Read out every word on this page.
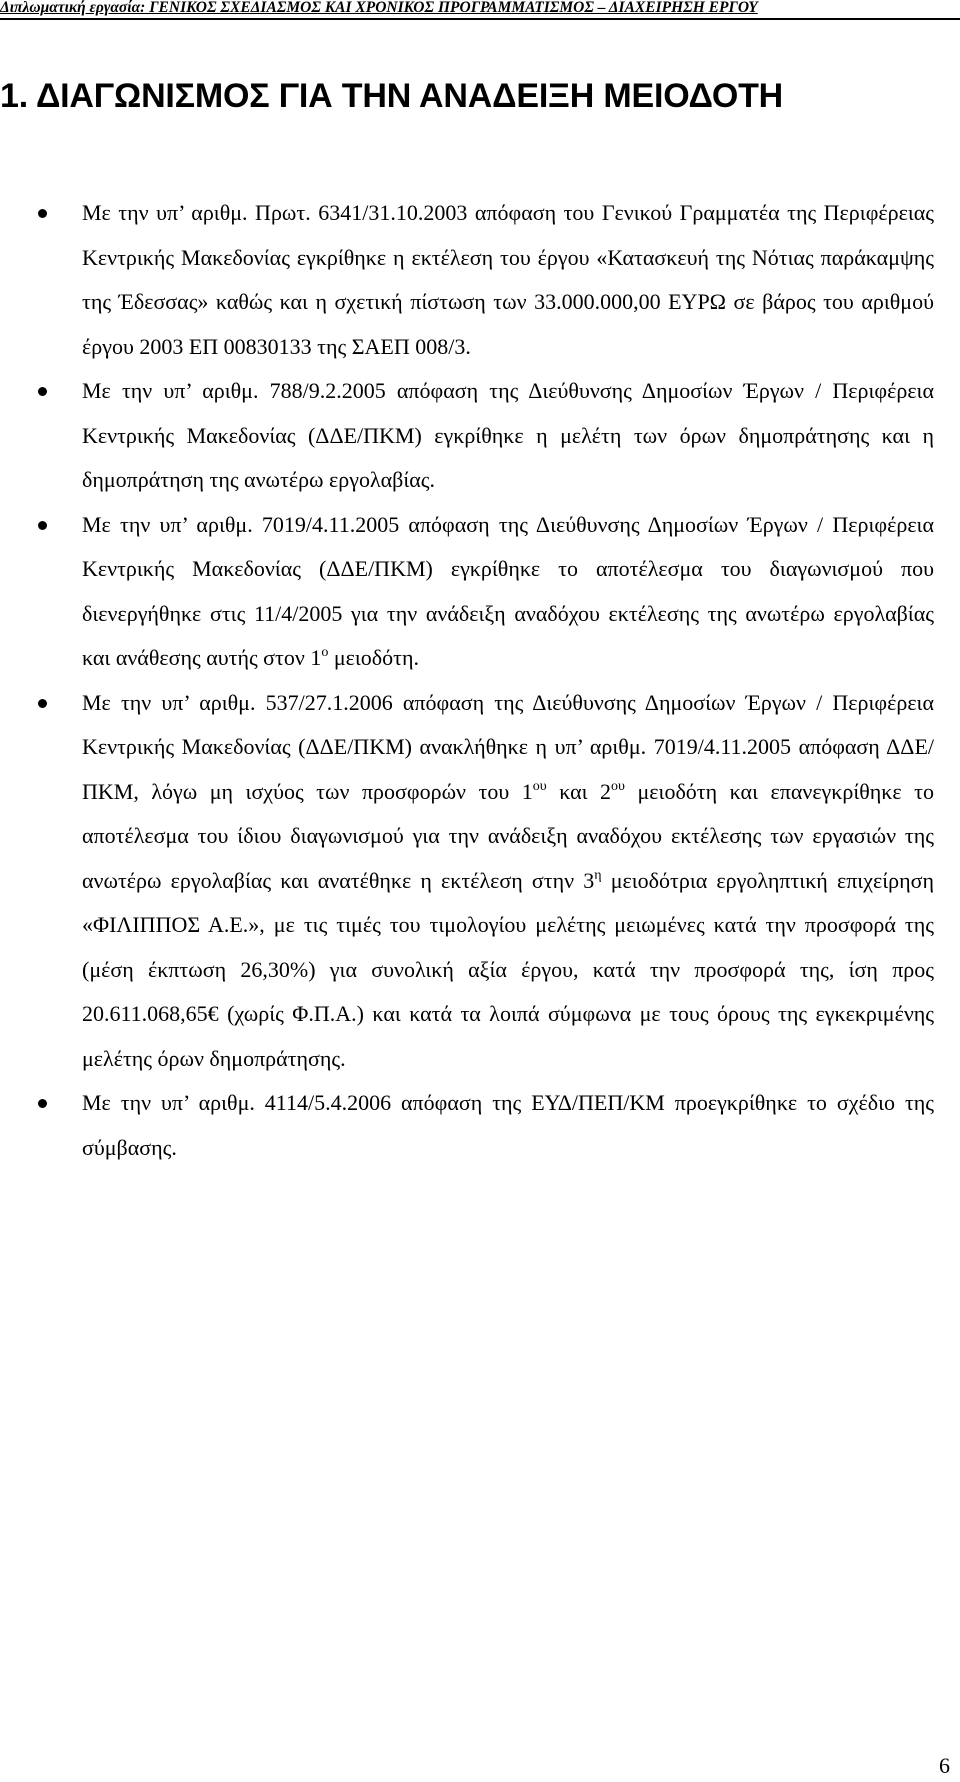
Διπλωματική εργασία: ΓΕΝΙΚΟΣ ΣΧΕΔΙΑΣΜΟΣ ΚΑΙ ΧΡΟΝΙΚΟΣ ΠΡΟΓΡΑΜΜΑΤΙΣΜΟΣ – ΔΙΑΧΕΙΡΗΣΗ ΕΡΓΟΥ
1. ΔΙΑΓΩΝΙΣΜΟΣ ΓΙΑ ΤΗΝ ΑΝΑΔΕΙΞΗ ΜΕΙΟΔΟΤΗ

Με την υπ’ αριθμ. Πρωτ. 6341/31.10.2003 απόφαση του Γενικού Γραμματέα της Περιφέρειας Κεντρικής Μακεδονίας εγκρίθηκε η εκτέλεση του έργου «Κατασκευή της Νότιας παράκαμψης της Έδεσσας» καθώς και η σχετική πίστωση των 33.000.000,00 ΕΥΡΩ σε βάρος του αριθμού έργου 2003 ΕΠ 00830133 της ΣΑΕΠ 008/3.

Με την υπ’ αριθμ. 788/9.2.2005 απόφαση της Διεύθυνσης Δημοσίων Έργων / Περιφέρεια Κεντρικής Μακεδονίας (ΔΔΕ/ΠΚΜ) εγκρίθηκε η μελέτη των όρων δημοπράτησης και η δημοπράτηση της ανωτέρω εργολαβίας.

Με την υπ’ αριθμ. 7019/4.11.2005 απόφαση της Διεύθυνσης Δημοσίων Έργων / Περιφέρεια Κεντρικής Μακεδονίας (ΔΔΕ/ΠΚΜ) εγκρίθηκε το αποτέλεσμα του διαγωνισμού που διενεργήθηκε στις 11/4/2005 για την ανάδειξη αναδόχου εκτέλεσης της ανωτέρω εργολαβίας και ανάθεσης αυτής στον $1^o$ μειοδότη.

Με την υπ’ αριθμ. 537/27.1.2006 απόφαση της Διεύθυνσης Δημοσίων Έργων / Περιφέρεια Κεντρικής Μακεδονίας (ΔΔΕ/ΠΚΜ) ανακλήθηκε η υπ’ αριθμ. 7019/4.11.2005 απόφαση ΔΔΕ/ΠΚΜ, λόγω μη ισχύος των προσφορών του $1^{o\upsilon}$ και $2^{o\upsilon}$ μειοδότη και επανεγκρίθηκε το αποτέλεσμα του ίδιου διαγωνισμού για την ανάδειξη αναδόχου εκτέλεσης των εργασιών της ανωτέρω εργολαβίας και ανατέθηκε η εκτέλεση στην $3^\eta$ μειοδότρια εργοληπτική επιχείρηση «ΦΙΛΙΠΠΟΣ Α.Ε.», με τις τιμές του τιμολογίου μελέτης μειωμένες κατά την προσφορά της (μέση έκπτωση 26,30%) για συνολική αξία έργου, κατά την προσφορά της, ίση προς 20.611.068,65€ (χωρίς Φ.Π.Α.) και κατά τα λοιπά σύμφωνα με τους όρους της εγκεκριμένης μελέτης όρων δημοπράτησης.

Με την υπ’ αριθμ. 4114/5.4.2006 απόφαση της ΕΥΔ/ΠΕΠ/ΚΜ προεγκρίθηκε το σχέδιο της σύμβασης.

6
